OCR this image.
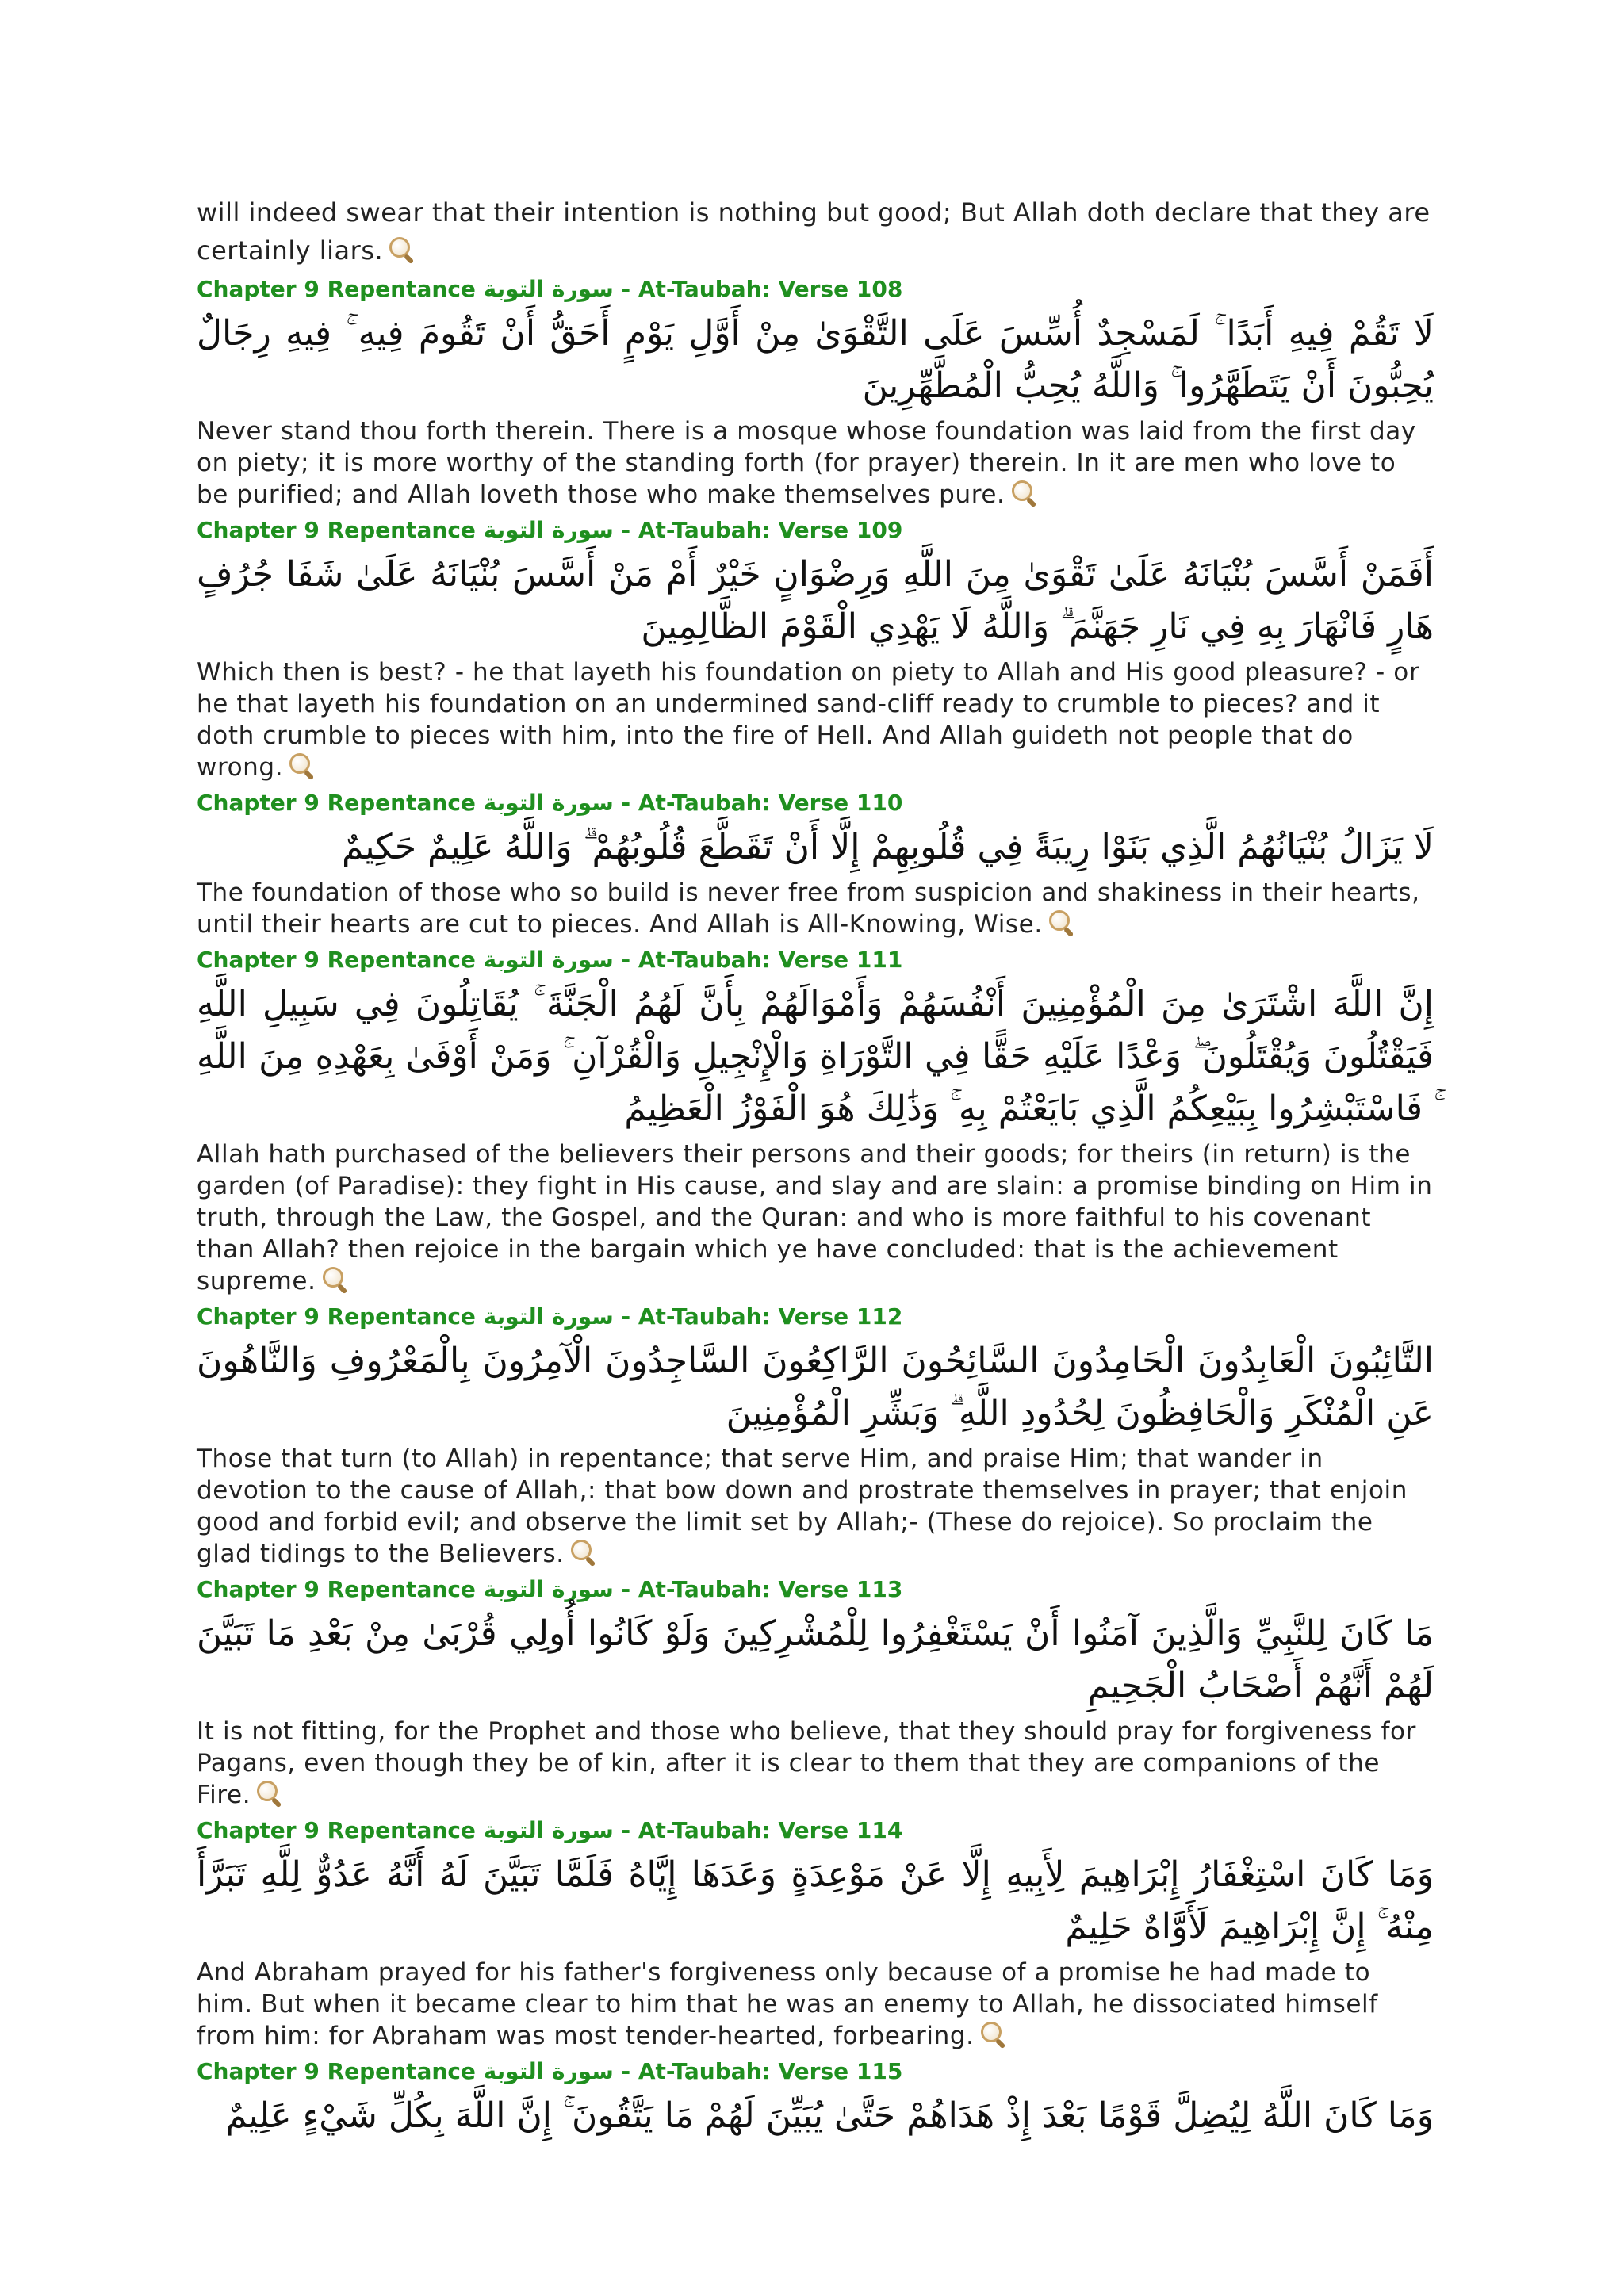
will indeed swear that their intention is nothing but good; But Allah doth declare that they are certainly liars.

Chapter 9 Repentance سورة التوبة - At-Taubah: Verse 108
لَا تَقُمْ فِيهِ أَبَدًا ۚ لَمَسْجِدٌ أُسِّسَ عَلَى التَّقْوَىٰ مِنْ أَوَّلِ يَوْمٍ أَحَقُّ أَنْ تَقُومَ فِيهِ ۚ فِيهِ رِجَالٌ يُحِبُّونَ أَنْ يَتَطَهَّرُوا ۚ وَاللَّهُ يُحِبُّ الْمُطَّهِّرِينَ

Never stand thou forth therein. There is a mosque whose foundation was laid from the first day on piety; it is more worthy of the standing forth (for prayer) therein. In it are men who love to be purified; and Allah loveth those who make themselves pure.

Chapter 9 Repentance سورة التوبة - At-Taubah: Verse 109
أَفَمَنْ أَسَّسَ بُنْيَانَهُ عَلَىٰ تَقْوَىٰ مِنَ اللَّهِ وَرِضْوَانٍ خَيْرٌ أَمْ مَنْ أَسَّسَ بُنْيَانَهُ عَلَىٰ شَفَا جُرُفٍ هَارٍ فَانْهَارَ بِهِ فِي نَارِ جَهَنَّمَ ۗ وَاللَّهُ لَا يَهْدِي الْقَوْمَ الظَّالِمِينَ

Which then is best? - he that layeth his foundation on piety to Allah and His good pleasure? - or he that layeth his foundation on an undermined sand-cliff ready to crumble to pieces? and it doth crumble to pieces with him, into the fire of Hell. And Allah guideth not people that do wrong.

Chapter 9 Repentance سورة التوبة - At-Taubah: Verse 110
لَا يَزَالُ بُنْيَانُهُمُ الَّذِي بَنَوْا رِيبَةً فِي قُلُوبِهِمْ إِلَّا أَنْ تَقَطَّعَ قُلُوبُهُمْ ۗ وَاللَّهُ عَلِيمٌ حَكِيمٌ

The foundation of those who so build is never free from suspicion and shakiness in their hearts, until their hearts are cut to pieces. And Allah is All-Knowing, Wise.

Chapter 9 Repentance سورة التوبة - At-Taubah: Verse 111
إِنَّ اللَّهَ اشْتَرَىٰ مِنَ الْمُؤْمِنِينَ أَنْفُسَهُمْ وَأَمْوَالَهُمْ بِأَنَّ لَهُمُ الْجَنَّةَ ۚ يُقَاتِلُونَ فِي سَبِيلِ اللَّهِ فَيَقْتُلُونَ وَيُقْتَلُونَ ۖ وَعْدًا عَلَيْهِ حَقًّا فِي التَّوْرَاةِ وَالْإِنْجِيلِ وَالْقُرْآنِ ۚ وَمَنْ أَوْفَىٰ بِعَهْدِهِ مِنَ اللَّهِ ۚ فَاسْتَبْشِرُوا بِبَيْعِكُمُ الَّذِي بَايَعْتُمْ بِهِ ۚ وَذَٰلِكَ هُوَ الْفَوْزُ الْعَظِيمُ

Allah hath purchased of the believers their persons and their goods; for theirs (in return) is the garden (of Paradise): they fight in His cause, and slay and are slain: a promise binding on Him in truth, through the Law, the Gospel, and the Quran: and who is more faithful to his covenant than Allah? then rejoice in the bargain which ye have concluded: that is the achievement supreme.

Chapter 9 Repentance سورة التوبة - At-Taubah: Verse 112
التَّائِبُونَ الْعَابِدُونَ الْحَامِدُونَ السَّائِحُونَ الرَّاكِعُونَ السَّاجِدُونَ الْآمِرُونَ بِالْمَعْرُوفِ وَالنَّاهُونَ عَنِ الْمُنْكَرِ وَالْحَافِظُونَ لِحُدُودِ اللَّهِ ۗ وَبَشِّرِ الْمُؤْمِنِينَ

Those that turn (to Allah) in repentance; that serve Him, and praise Him; that wander in devotion to the cause of Allah,: that bow down and prostrate themselves in prayer; that enjoin good and forbid evil; and observe the limit set by Allah;- (These do rejoice). So proclaim the glad tidings to the Believers.

Chapter 9 Repentance سورة التوبة - At-Taubah: Verse 113
مَا كَانَ لِلنَّبِيِّ وَالَّذِينَ آمَنُوا أَنْ يَسْتَغْفِرُوا لِلْمُشْرِكِينَ وَلَوْ كَانُوا أُولِي قُرْبَىٰ مِنْ بَعْدِ مَا تَبَيَّنَ لَهُمْ أَنَّهُمْ أَصْحَابُ الْجَحِيمِ

It is not fitting, for the Prophet and those who believe, that they should pray for forgiveness for Pagans, even though they be of kin, after it is clear to them that they are companions of the Fire.

Chapter 9 Repentance سورة التوبة - At-Taubah: Verse 114
وَمَا كَانَ اسْتِغْفَارُ إِبْرَاهِيمَ لِأَبِيهِ إِلَّا عَنْ مَوْعِدَةٍ وَعَدَهَا إِيَّاهُ فَلَمَّا تَبَيَّنَ لَهُ أَنَّهُ عَدُوٌّ لِلَّهِ تَبَرَّأَ مِنْهُ ۚ إِنَّ إِبْرَاهِيمَ لَأَوَّاهٌ حَلِيمٌ

And Abraham prayed for his father's forgiveness only because of a promise he had made to him. But when it became clear to him that he was an enemy to Allah, he dissociated himself from him: for Abraham was most tender-hearted, forbearing.

Chapter 9 Repentance سورة التوبة - At-Taubah: Verse 115
وَمَا كَانَ اللَّهُ لِيُضِلَّ قَوْمًا بَعْدَ إِذْ هَدَاهُمْ حَتَّىٰ يُبَيِّنَ لَهُمْ مَا يَتَّقُونَ ۚ إِنَّ اللَّهَ بِكُلِّ شَيْءٍ عَلِيمٌ
